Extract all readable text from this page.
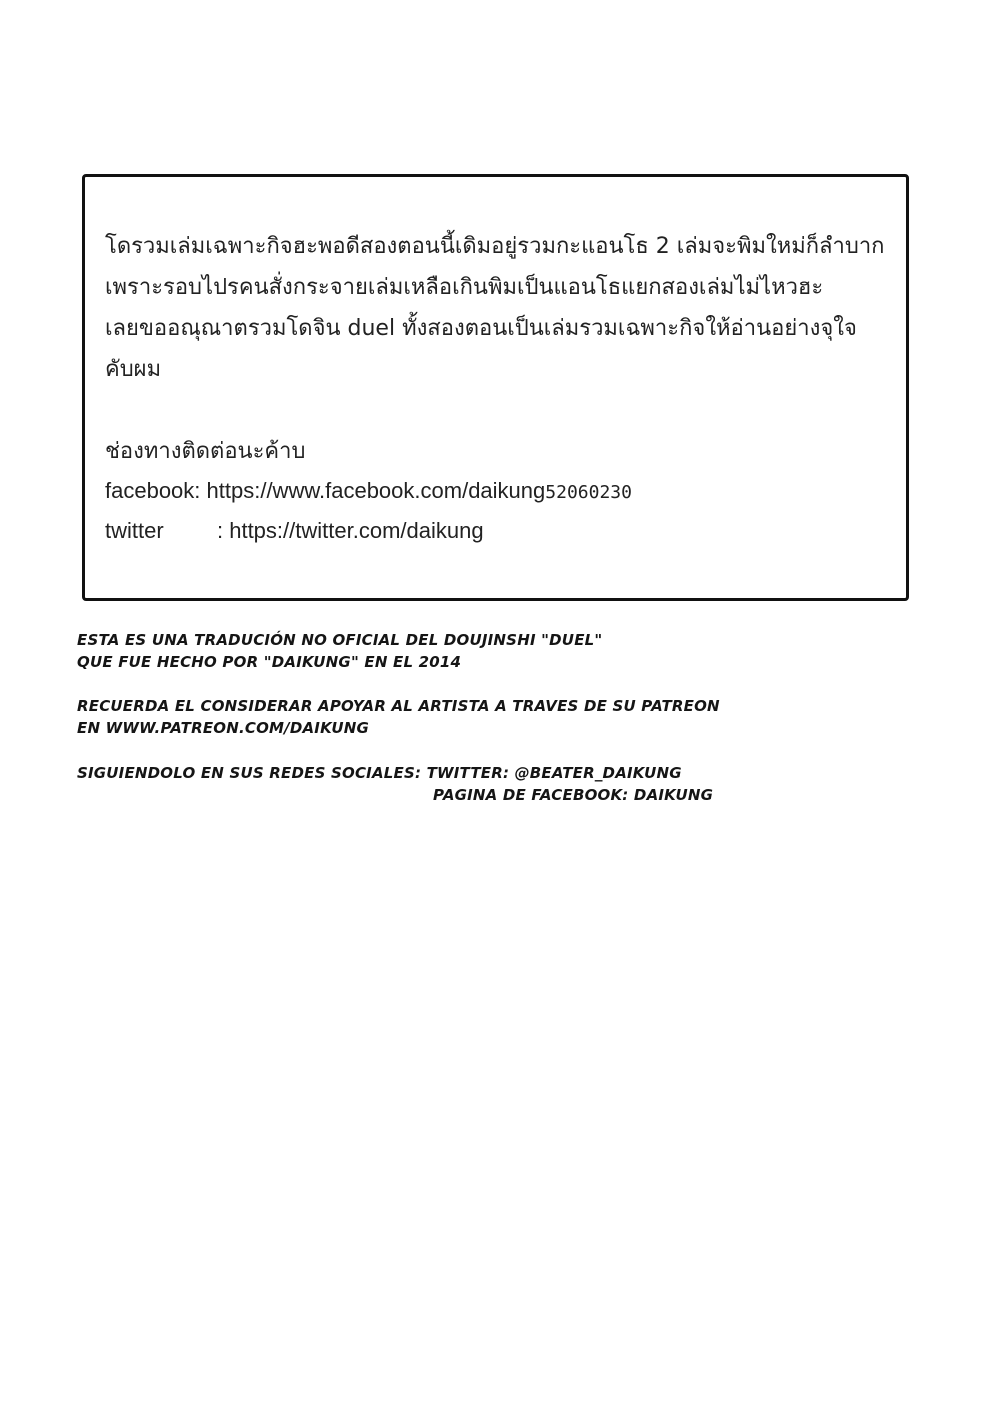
โดรวมเล่มเฉพาะกิจฮะพอดีสองตอนนี้เดิมอยู่รวมกะแอนโธ 2 เล่มจะพิมใหม่ก็ลำบาก
เพราะรอบไปรคนสั่งกระจายเล่มเหลือเกินพิมเป็นแอนโธแยกสองเล่มไม่ไหวฮะ
เลยขออณุณาตรวมโดจิน duel ทั้งสองตอนเป็นเล่มรวมเฉพาะกิจให้อ่านอย่างจุใจ
คับผม

ช่องทางติดต่อนะค้าบ
facebook: https://www.facebook.com/daikung52060230
twitter : https://twitter.com/daikung
ESTA ES UNA TRADUCIÓN NO OFICIAL DEL DOUJINSHI "DUEL"
QUE FUE HECHO POR "DAIKUNG" EN EL 2014
RECUERDA EL CONSIDERAR APOYAR AL ARTISTA A TRAVES DE SU PATREON
EN WWW.PATREON.COM/DAIKUNG
SIGUIENDOLO EN SUS REDES SOCIALES: TWITTER: @BEATER_DAIKUNG
PAGINA DE FACEBOOK: DAIKUNG
